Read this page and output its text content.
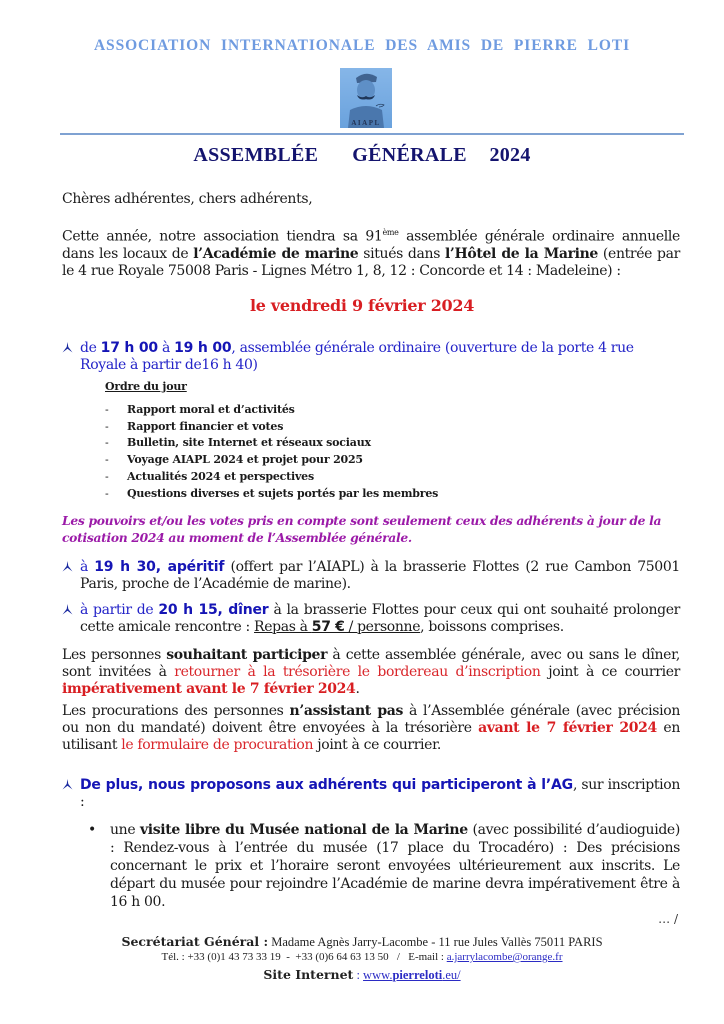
ASSOCIATION INTERNATIONALE DES AMIS DE PIERRE LOTI
AIAPL
ASSEMBLÉE   GÉNÉRALE  2024
Chères adhérentes, chers adhérents,
Cette année, notre association tiendra sa 91ème assemblée générale ordinaire annuelle dans les locaux de l’Académie de marine situés dans l’Hôtel de la Marine (entrée par le 4 rue Royale 75008 Paris - Lignes Métro 1, 8, 12 : Concorde et 14 : Madeleine) :
le vendredi 9 février 2024
de 17 h 00 à 19 h 00, assemblée générale ordinaire (ouverture de la porte 4 rue Royale à partir de16 h 40)
Ordre du jour
- Rapport moral et d’activités
- Rapport financier et votes
- Bulletin, site Internet et réseaux sociaux
- Voyage AIAPL 2024 et projet pour 2025
- Actualités 2024 et perspectives
- Questions diverses et sujets portés par les membres
Les pouvoirs et/ou les votes pris en compte sont seulement ceux des adhérents à jour de la cotisation 2024 au moment de l’Assemblée générale.
à 19 h 30, apéritif (offert par l’AIAPL) à la brasserie Flottes (2 rue Cambon 75001 Paris, proche de l’Académie de marine).
à partir de 20 h 15, dîner à la brasserie Flottes pour ceux qui ont souhaité prolonger cette amicale rencontre : Repas à 57 € / personne, boissons comprises.
Les personnes souhaitant participer à cette assemblée générale, avec ou sans le dîner, sont invitées à retourner à la trésorière le bordereau d’inscription joint à ce courrier impérativement avant le 7 février 2024.
Les procurations des personnes n’assistant pas à l’Assemblée générale (avec précision ou non du mandaté) doivent être envoyées à la trésorière avant le 7 février 2024 en utilisant le formulaire de procuration joint à ce courrier.
De plus, nous proposons aux adhérents qui participeront à l’AG, sur inscription :
• une visite libre du Musée national de la Marine (avec possibilité d’audioguide) : Rendez-vous à l’entrée du musée (17 place du Trocadéro) : Des précisions concernant le prix et l’horaire seront envoyées ultérieurement aux inscrits. Le départ du musée pour rejoindre l’Académie de marine devra impérativement être à 16 h 00.
… /
Secrétariat Général : Madame Agnès Jarry-Lacombe - 11 rue Jules Vallès 75011 PARIS
Tél. : +33 (0)1 43 73 33 19  -  +33 (0)6 64 63 13 50   /   E-mail : a.jarrylacombe@orange.fr
Site Internet : www.pierreloti.eu/
